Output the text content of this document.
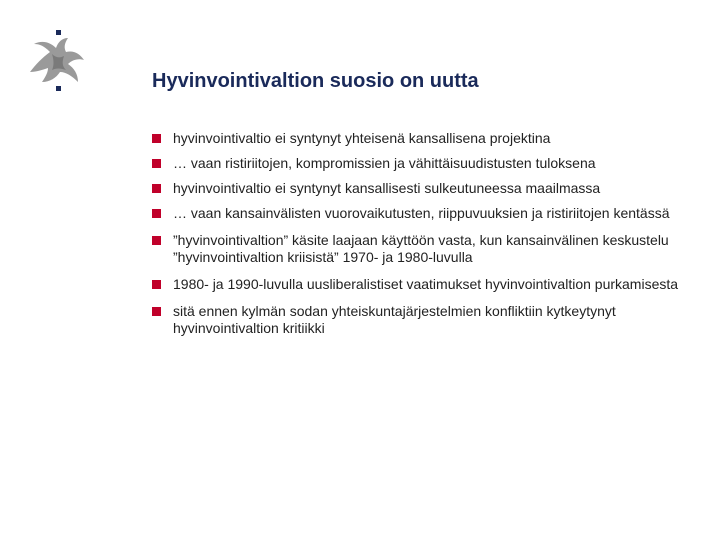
Hyvinvointivaltion suosio on uutta
hyvinvointivaltio ei syntynyt yhteisenä kansallisena projektina
… vaan ristiriitojen, kompromissien ja vähittäisuudistusten tuloksena
hyvinvointivaltio ei syntynyt kansallisesti sulkeutuneessa maailmassa
… vaan kansainvälisten vuorovaikutusten, riippuvuuksien ja ristiriitojen kentässä
”hyvinvointivaltion” käsite laajaan käyttöön vasta, kun kansainvälinen keskustelu ”hyvinvointivaltion kriisistä” 1970- ja 1980-luvulla
1980- ja 1990-luvulla uusliberalistiset vaatimukset hyvinvointivaltion purkamisesta
sitä ennen kylmän sodan yhteiskuntajärjestelmien konfliktiin kytkeytynyt hyvinvointivaltion kritiikki
